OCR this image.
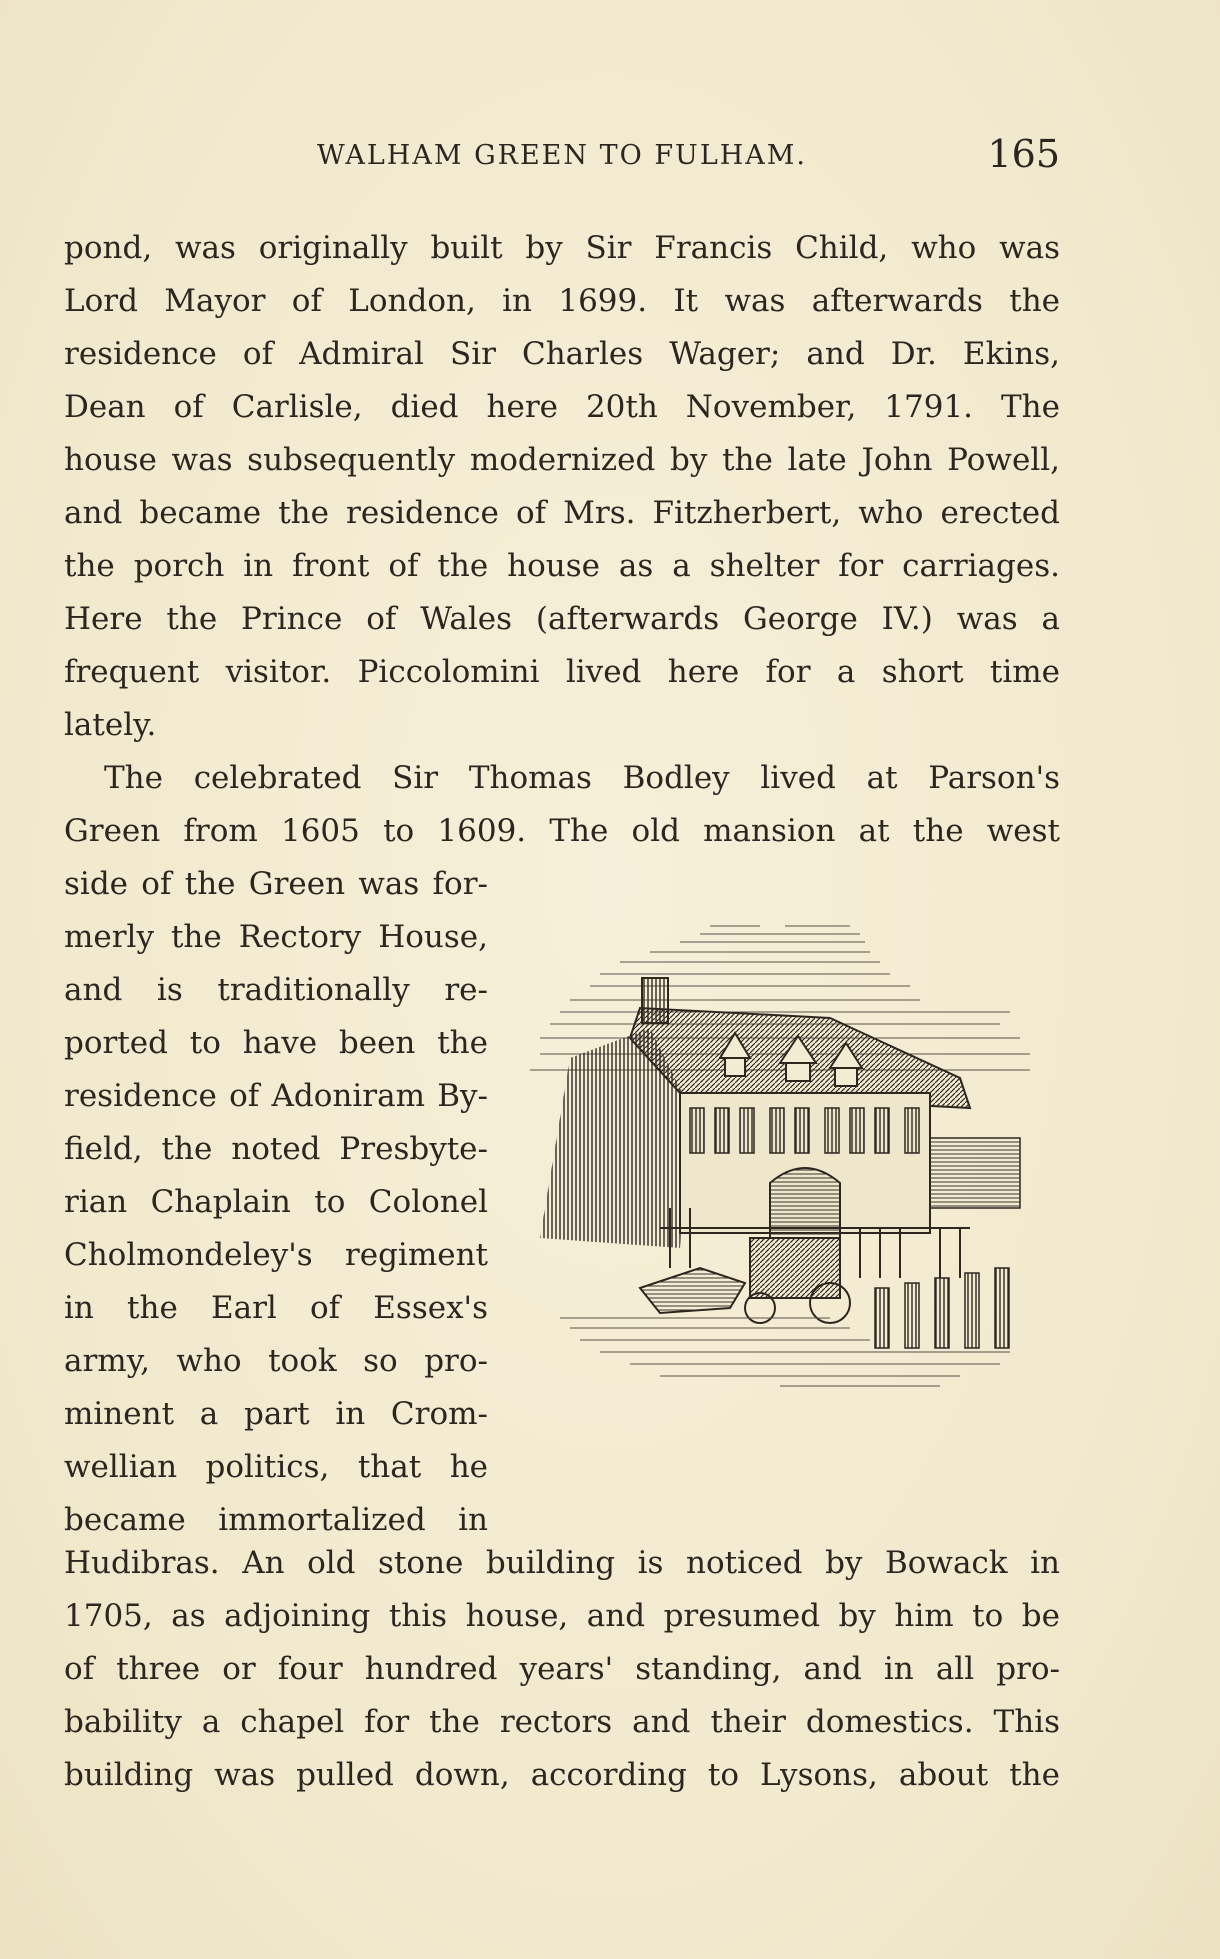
WALHAM GREEN TO FULHAM.	165
pond, was originally built by Sir Francis Child, who was
Lord Mayor of London, in 1699. It was afterwards the
residence of Admiral Sir Charles Wager; and Dr. Ekins,
Dean of Carlisle, died here 20th November, 1791. The
house was subsequently modernized by the late John Powell,
and became the residence of Mrs. Fitzherbert, who erected
the porch in front of the house as a shelter for carriages.
Here the Prince of Wales (afterwards George IV.) was a
frequent visitor. Piccolomini lived here for a short time
lately.
The celebrated Sir Thomas Bodley lived at Parson's
Green from 1605 to 1609. The old mansion at the west
side of the Green was for-
merly the Rectory House,
and is traditionally re-
ported to have been the
residence of Adoniram By-
field, the noted Presbyte-
rian Chaplain to Colonel
Cholmondeley's regiment
in the Earl of Essex's
army, who took so pro-
minent a part in Crom-
wellian politics, that he
became immortalized in
Hudibras. An old stone building is noticed by Bowack in
1705, as adjoining this house, and presumed by him to be
of three or four hundred years' standing, and in all pro-
bability a chapel for the rectors and their domestics. This
building was pulled down, according to Lysons, about the
